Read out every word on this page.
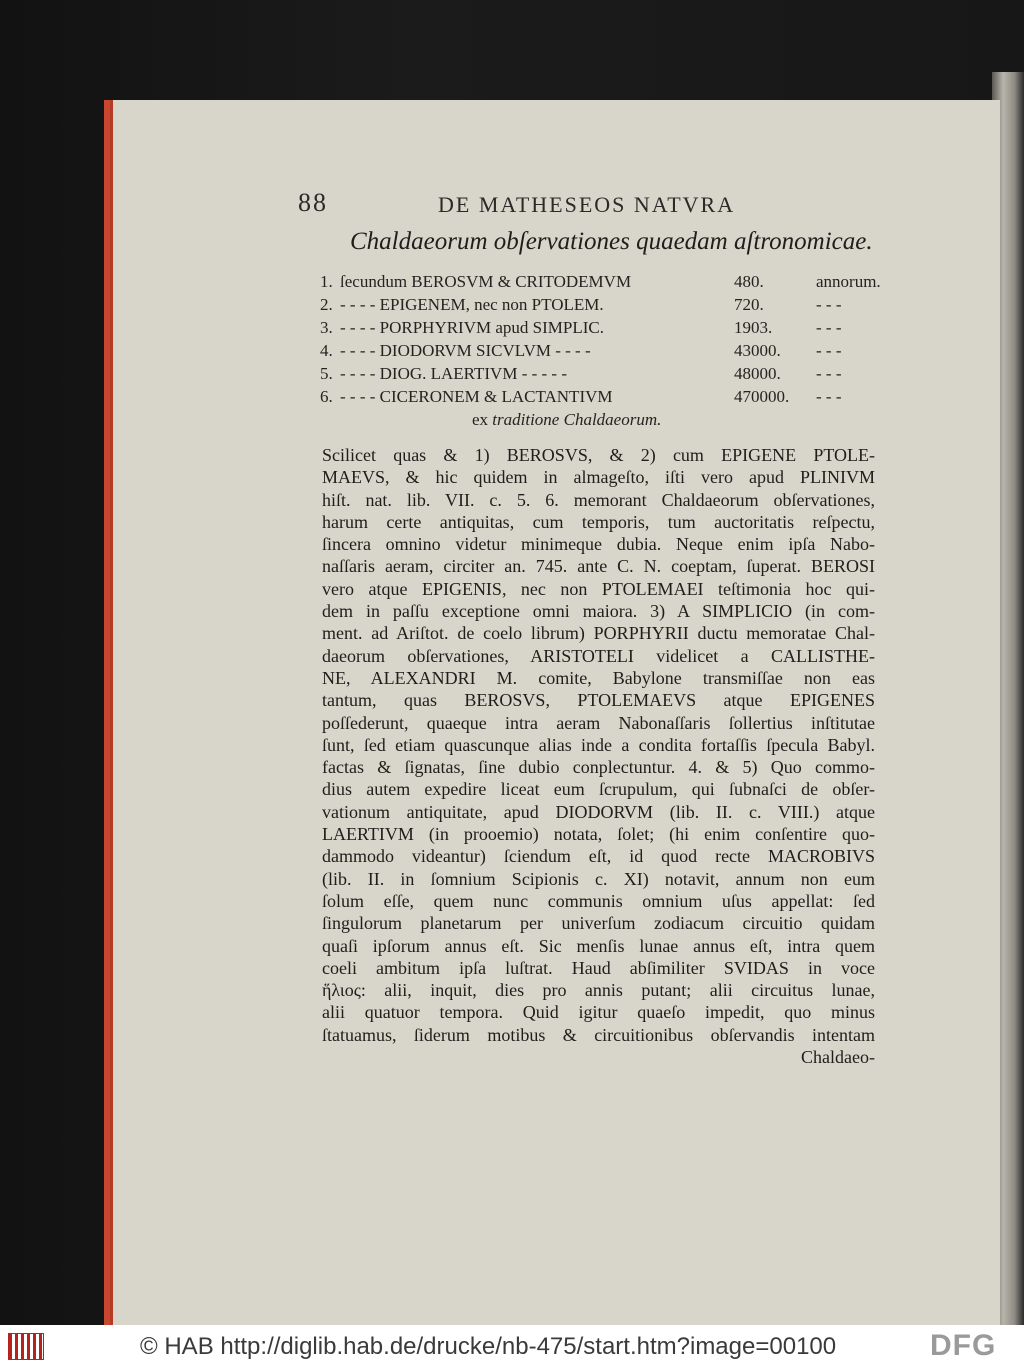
88	DE MATHESEOS NATVRA
Chaldaeorum obſervationes quaedam aſtronomicae.
1. ſecundum BEROSVM & CRITODEMVM	480.	annorum.
2. - - - - EPIGENEM, nec non PTOLEM.	720.	- - -
3. - - - - PORPHYRIVM apud SIMPLIC.	1903.	- - -
4. - - - - DIODORVM SICVLVM - - - -	43000. - - -
5. - - - - DIOG. LAERTIVM - - - - -	48000. - - -
6. - - - - CICERONEM & LACTANTIVM	470000. - - -
ex traditione Chaldaeorum.
Scilicet quas & 1) BEROSVS, & 2) cum EPIGENE PTOLE-
MAEVS, & hic quidem in almageſto, iſti vero apud PLINIVM
hiſt. nat. lib. VII. c. 5. 6. memorant Chaldaeorum obſervationes,
harum certe antiquitas, cum temporis, tum auctoritatis reſpectu,
ſincera omnino videtur minimeque dubia. Neque enim ipſa Nabo-
naſſaris aeram, circiter an. 745. ante C. N. coeptam, ſuperat. BEROSI
vero atque EPIGENIS, nec non PTOLEMAEI teſtimonia hoc qui-
dem in paſſu exceptione omni maiora. 3) A SIMPLICIO (in com-
ment. ad Ariſtot. de coelo librum) PORPHYRII ductu memoratae Chal-
daeorum obſervationes, ARISTOTELI videlicet a CALLISTHE-
NE, ALEXANDRI M. comite, Babylone transmiſſae non eas
tantum, quas BEROSVS, PTOLEMAEVS atque EPIGENES
poſſederunt, quaeque intra aeram Nabonaſſaris ſollertius inſtitutae
ſunt, ſed etiam quascunque alias inde a condita fortaſſis ſpecula Babyl.
factas & ſignatas, ſine dubio conplectuntur. 4. & 5) Quo commo-
dius autem expedire liceat eum ſcrupulum, qui ſubnaſci de obſer-
vationum antiquitate, apud DIODORVM (lib. II. c. VIII.) atque
LAERTIVM (in prooemio) notata, ſolet; (hi enim conſentire quo-
dammodo videantur) ſciendum eſt, id quod recte MACROBIVS
(lib. II. in ſomnium Scipionis c. XI) notavit, annum non eum
ſolum eſſe, quem nunc communis omnium uſus appellat: ſed
ſingulorum planetarum per univerſum zodiacum circuitio quidam
quaſi ipſorum annus eſt. Sic menſis lunae annus eſt, intra quem
coeli ambitum ipſa luſtrat. Haud abſimiliter SVIDAS in voce
ἥλιος: alii, inquit, dies pro annis putant; alii circuitus lunae,
alii quatuor tempora. Quid igitur quaeſo impedit, quo minus
ſtatuamus, ſiderum motibus & circuitionibus obſervandis intentam
Chaldaeo-
© HAB http://diglib.hab.de/drucke/nb-475/start.htm?image=00100	DFG
